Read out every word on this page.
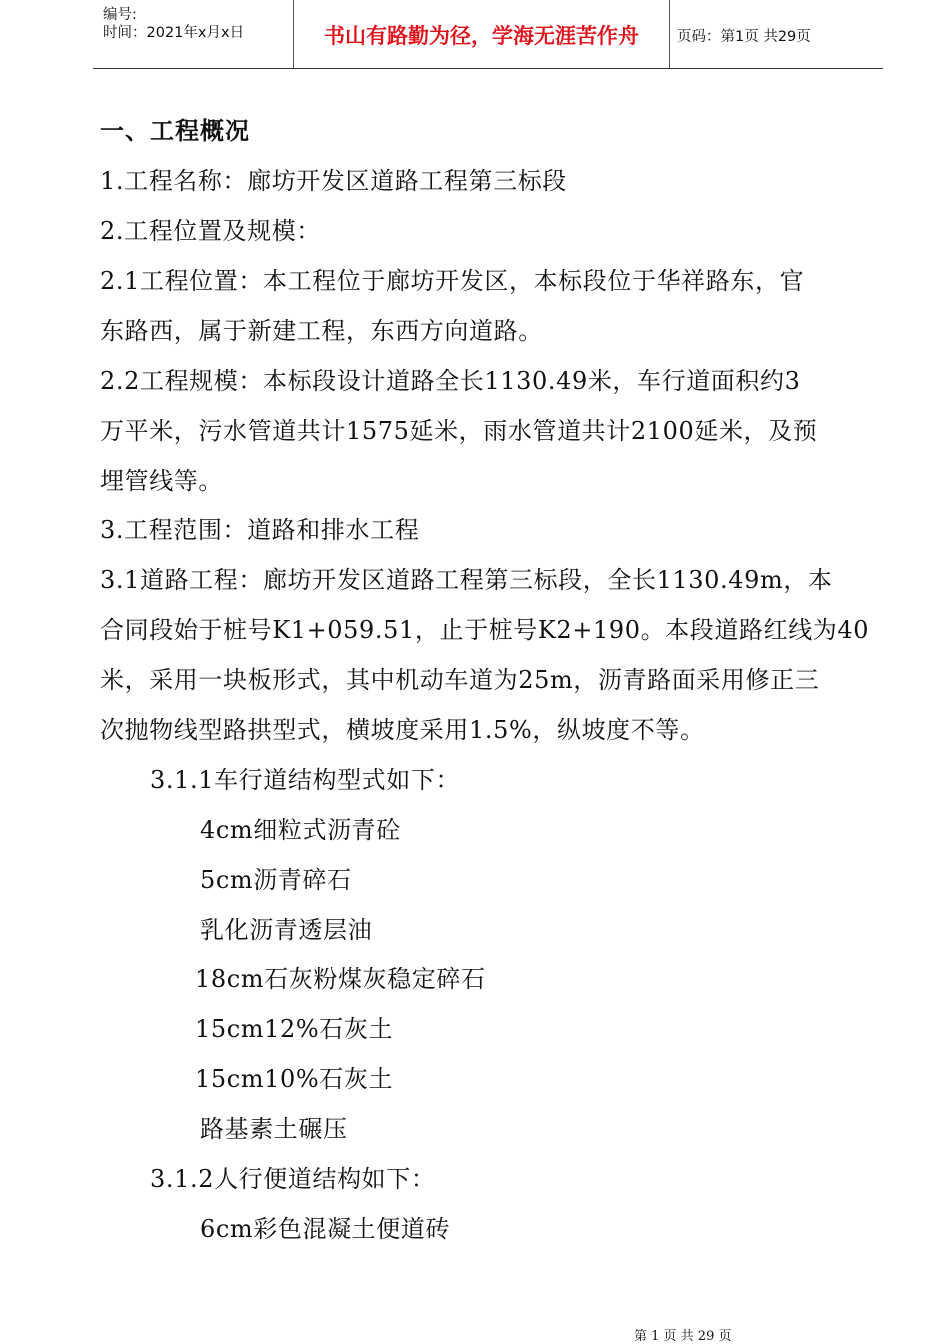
编号:
时间：2021年x月x日	书山有路勤为径，学海无涯苦作舟	页码：第1页 共29页
一、工程概况
1.工程名称：廊坊开发区道路工程第三标段
2.工程位置及规模：
2.1工程位置：本工程位于廊坊开发区，本标段位于华祥路东，官
东路西，属于新建工程，东西方向道路。
2.2工程规模：本标段设计道路全长1130.49米，车行道面积约3
万平米，污水管道共计1575延米，雨水管道共计2100延米，及预
埋管线等。
3.工程范围：道路和排水工程
3.1道路工程：廊坊开发区道路工程第三标段，全长1130.49m，本
合同段始于桩号K1+059.51，止于桩号K2+190。本段道路红线为40
米，采用一块板形式，其中机动车道为25m，沥青路面采用修正三
次抛物线型路拱型式，横坡度采用1.5%，纵坡度不等。
3.1.1车行道结构型式如下：
4cm细粒式沥青砼
5cm沥青碎石
乳化沥青透层油
18cm石灰粉煤灰稳定碎石
15cm12%石灰土
15cm10%石灰土
路基素土碾压
3.1.2人行便道结构如下：
6cm彩色混凝土便道砖
第 1 页 共 29 页
